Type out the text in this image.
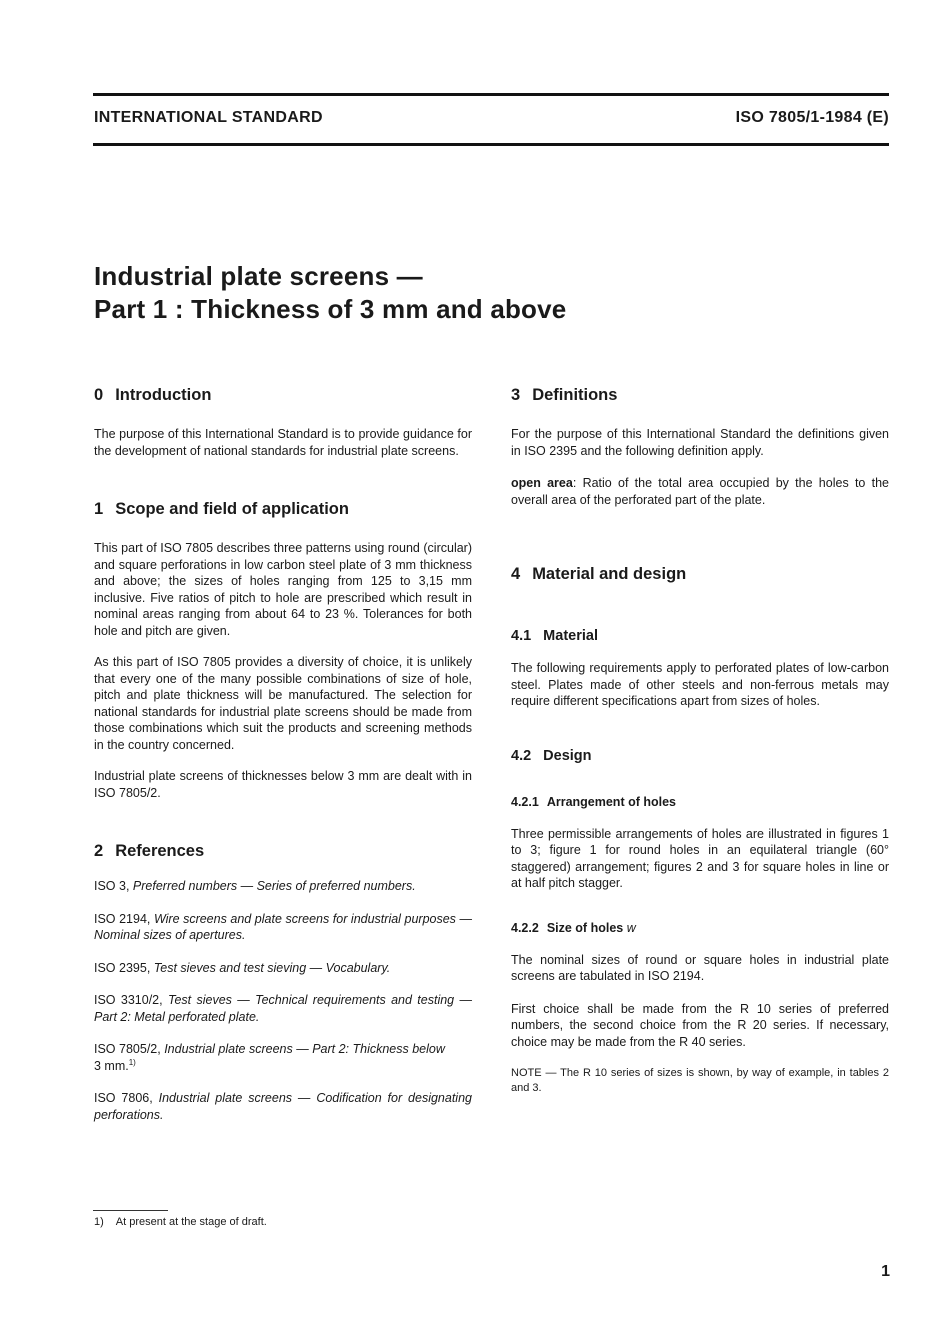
INTERNATIONAL STANDARD	ISO 7805/1-1984 (E)
Industrial plate screens —
Part 1 : Thickness of 3 mm and above
0 Introduction

The purpose of this International Standard is to provide guidance for the development of national standards for industrial plate screens.

1 Scope and field of application

This part of ISO 7805 describes three patterns using round (circular) and square perforations in low carbon steel plate of 3 mm thickness and above; the sizes of holes ranging from 125 to 3,15 mm inclusive. Five ratios of pitch to hole are prescribed which result in nominal areas ranging from about 64 to 23 %. Tolerances for both hole and pitch are given.

As this part of ISO 7805 provides a diversity of choice, it is unlikely that every one of the many possible combinations of size of hole, pitch and plate thickness will be manufactured. The selection for national standards for industrial plate screens should be made from those combinations which suit the products and screening methods in the country concerned.

Industrial plate screens of thicknesses below 3 mm are dealt with in ISO 7805/2.

2 References

ISO 3, Preferred numbers — Series of preferred numbers.

ISO 2194, Wire screens and plate screens for industrial purposes — Nominal sizes of apertures.

ISO 2395, Test sieves and test sieving — Vocabulary.

ISO 3310/2, Test sieves — Technical requirements and testing — Part 2: Metal perforated plate.

ISO 7805/2, Industrial plate screens — Part 2: Thickness below
3 mm.$^{1)}$

ISO 7806, Industrial plate screens — Codification for designating perforations.

3 Definitions

For the purpose of this International Standard the definitions given in ISO 2395 and the following definition apply.

open area: Ratio of the total area occupied by the holes to the overall area of the perforated part of the plate.

4 Material and design
4.1 Material

The following requirements apply to perforated plates of low-carbon steel. Plates made of other steels and non-ferrous metals may require different specifications apart from sizes of holes.

4.2 Design
4.2.1 Arrangement of holes

Three permissible arrangements of holes are illustrated in figures 1 to 3; figure 1 for round holes in an equilateral triangle (60° staggered) arrangement; figures 2 and 3 for square holes in line or at half pitch stagger.

4.2.2 Size of holes w

The nominal sizes of round or square holes in industrial plate screens are tabulated in ISO 2194.

First choice shall be made from the R 10 series of preferred numbers, the second choice from the R 20 series. If necessary, choice may be made from the R 40 series.

NOTE — The R 10 series of sizes is shown, by way of example, in tables 2 and 3.

1) At present at the stage of draft.
1
